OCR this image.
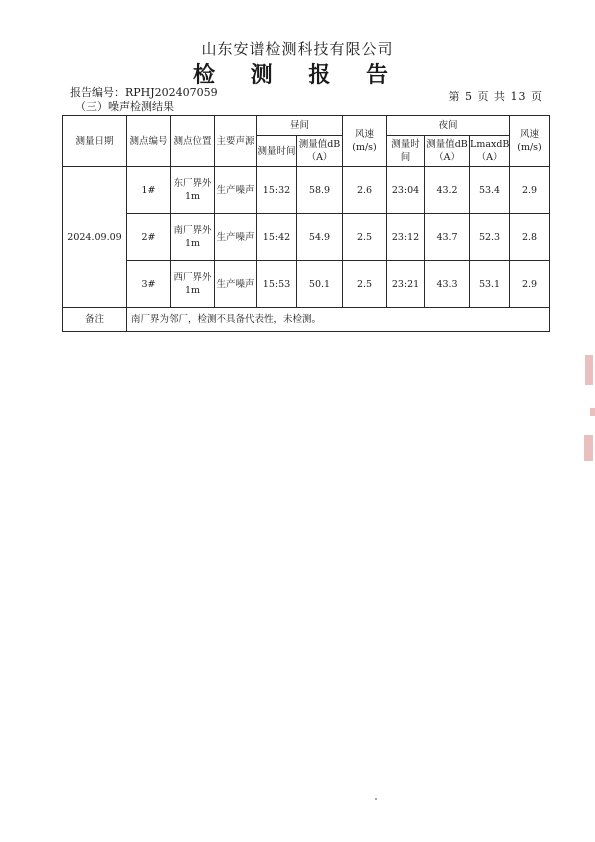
山东安谱检测科技有限公司
检 测 报 告
报告编号：RPHJ202407059	第 5 页 共 13 页
（三）噪声检测结果
测量日期	测点编号	测点位置	主要声源	昼间		风速(m/s)	夜间			风速(m/s)
				测量时间	测量值dB（A）		测量时间	测量值dB（A）	LmaxdB（A）	
2024.09.09	1#	东厂界外1m	生产噪声	15:32	58.9	2.6	23:04	43.2	53.4	2.9
	2#	南厂界外1m	生产噪声	15:42	54.9	2.5	23:12	43.7	52.3	2.8
	3#	西厂界外1m	生产噪声	15:53	50.1	2.5	23:21	43.3	53.1	2.9
备注	南厂界为邻厂，检测不具备代表性，未检测。									
